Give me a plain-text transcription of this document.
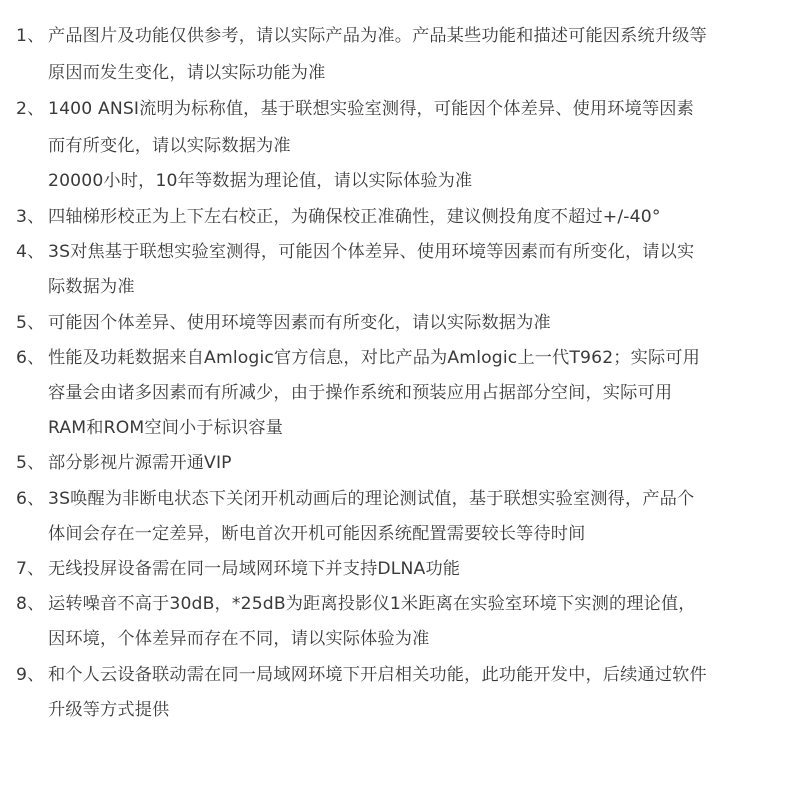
1、 产品图片及功能仅供参考，请以实际产品为准。产品某些功能和描述可能因系统升级等
原因而发生变化，请以实际功能为准
2、 1400 ANSI流明为标称值，基于联想实验室测得，可能因个体差异、使用环境等因素
而有所变化，请以实际数据为准
20000小时，10年等数据为理论值，请以实际体验为准
3、 四轴梯形校正为上下左右校正，为确保校正准确性，建议侧投角度不超过+/-40°
4、 3S对焦基于联想实验室测得，可能因个体差异、使用环境等因素而有所变化，请以实
际数据为准
5、 可能因个体差异、使用环境等因素而有所变化，请以实际数据为准
6、 性能及功耗数据来自Amlogic官方信息，对比产品为Amlogic上一代T962；实际可用
容量会由诸多因素而有所减少，由于操作系统和预装应用占据部分空间，实际可用
RAM和ROM空间小于标识容量
5、 部分影视片源需开通VIP
6、 3S唤醒为非断电状态下关闭开机动画后的理论测试值，基于联想实验室测得，产品个
体间会存在一定差异，断电首次开机可能因系统配置需要较长等待时间
7、 无线投屏设备需在同一局域网环境下并支持DLNA功能
8、 运转噪音不高于30dB，*25dB为距离投影仪1米距离在实验室环境下实测的理论值，
因环境，个体差异而存在不同，请以实际体验为准
9、 和个人云设备联动需在同一局域网环境下开启相关功能，此功能开发中，后续通过软件
升级等方式提供
